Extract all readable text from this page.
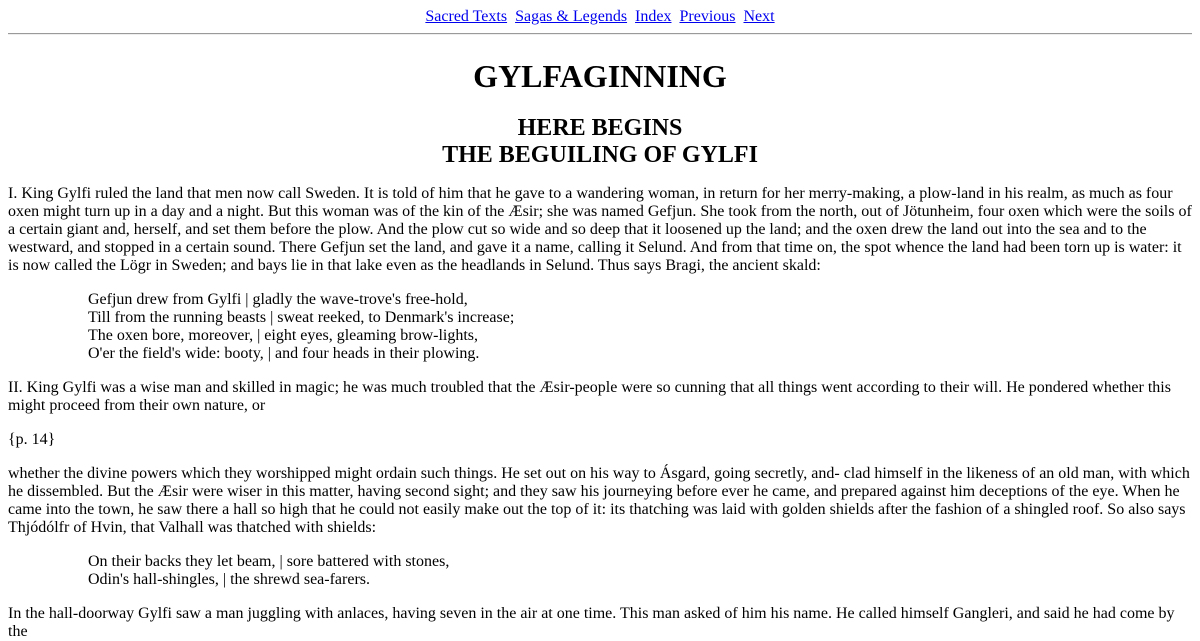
Sacred Texts Sagas & Legends Index Previous Next
GYLFAGINNING
HERE BEGINS
THE BEGUILING OF GYLFI

I. King Gylfi ruled the land that men now call Sweden. It is told of him that he gave to a wandering woman, in return for her merry-making, a plow-land in his realm, as much as four oxen might turn up in a day and a night. But this woman was of the kin of the Æsir; she was named Gefjun. She took from the north, out of Jötunheim, four oxen which were the soils of a certain giant and, herself, and set them before the plow. And the plow cut so wide and so deep that it loosened up the land; and the oxen drew the land out into the sea and to the westward, and stopped in a certain sound. There Gefjun set the land, and gave it a name, calling it Selund. And from that time on, the spot whence the land had been torn up is water: it is now called the Lögr in Sweden; and bays lie in that lake even as the headlands in Selund. Thus says Bragi, the ancient skald:

Gefjun drew from Gylfi | gladly the wave-trove's free-hold,
Till from the running beasts | sweat reeked, to Denmark's increase;
The oxen bore, moreover, | eight eyes, gleaming brow-lights,
O'er the field's wide: booty, | and four heads in their plowing.

II. King Gylfi was a wise man and skilled in magic; he was much troubled that the Æsir-people were so cunning that all things went according to their will. He pondered whether this might proceed from their own nature, or

{p. 14}

whether the divine powers which they worshipped might ordain such things. He set out on his way to Ásgard, going secretly, and- clad himself in the likeness of an old man, with which he dissembled. But the Æsir were wiser in this matter, having second sight; and they saw his journeying before ever he came, and prepared against him deceptions of the eye. When he came into the town, he saw there a hall so high that he could not easily make out the top of it: its thatching was laid with golden shields after the fashion of a shingled roof. So also says Thjódólfr of Hvin, that Valhall was thatched with shields:

On their backs they let beam, | sore battered with stones,
Odin's hall-shingles, | the shrewd sea-farers.

In the hall-doorway Gylfi saw a man juggling with anlaces, having seven in the air at one time. This man asked of him his name. He called himself Gangleri, and said he had come by the
